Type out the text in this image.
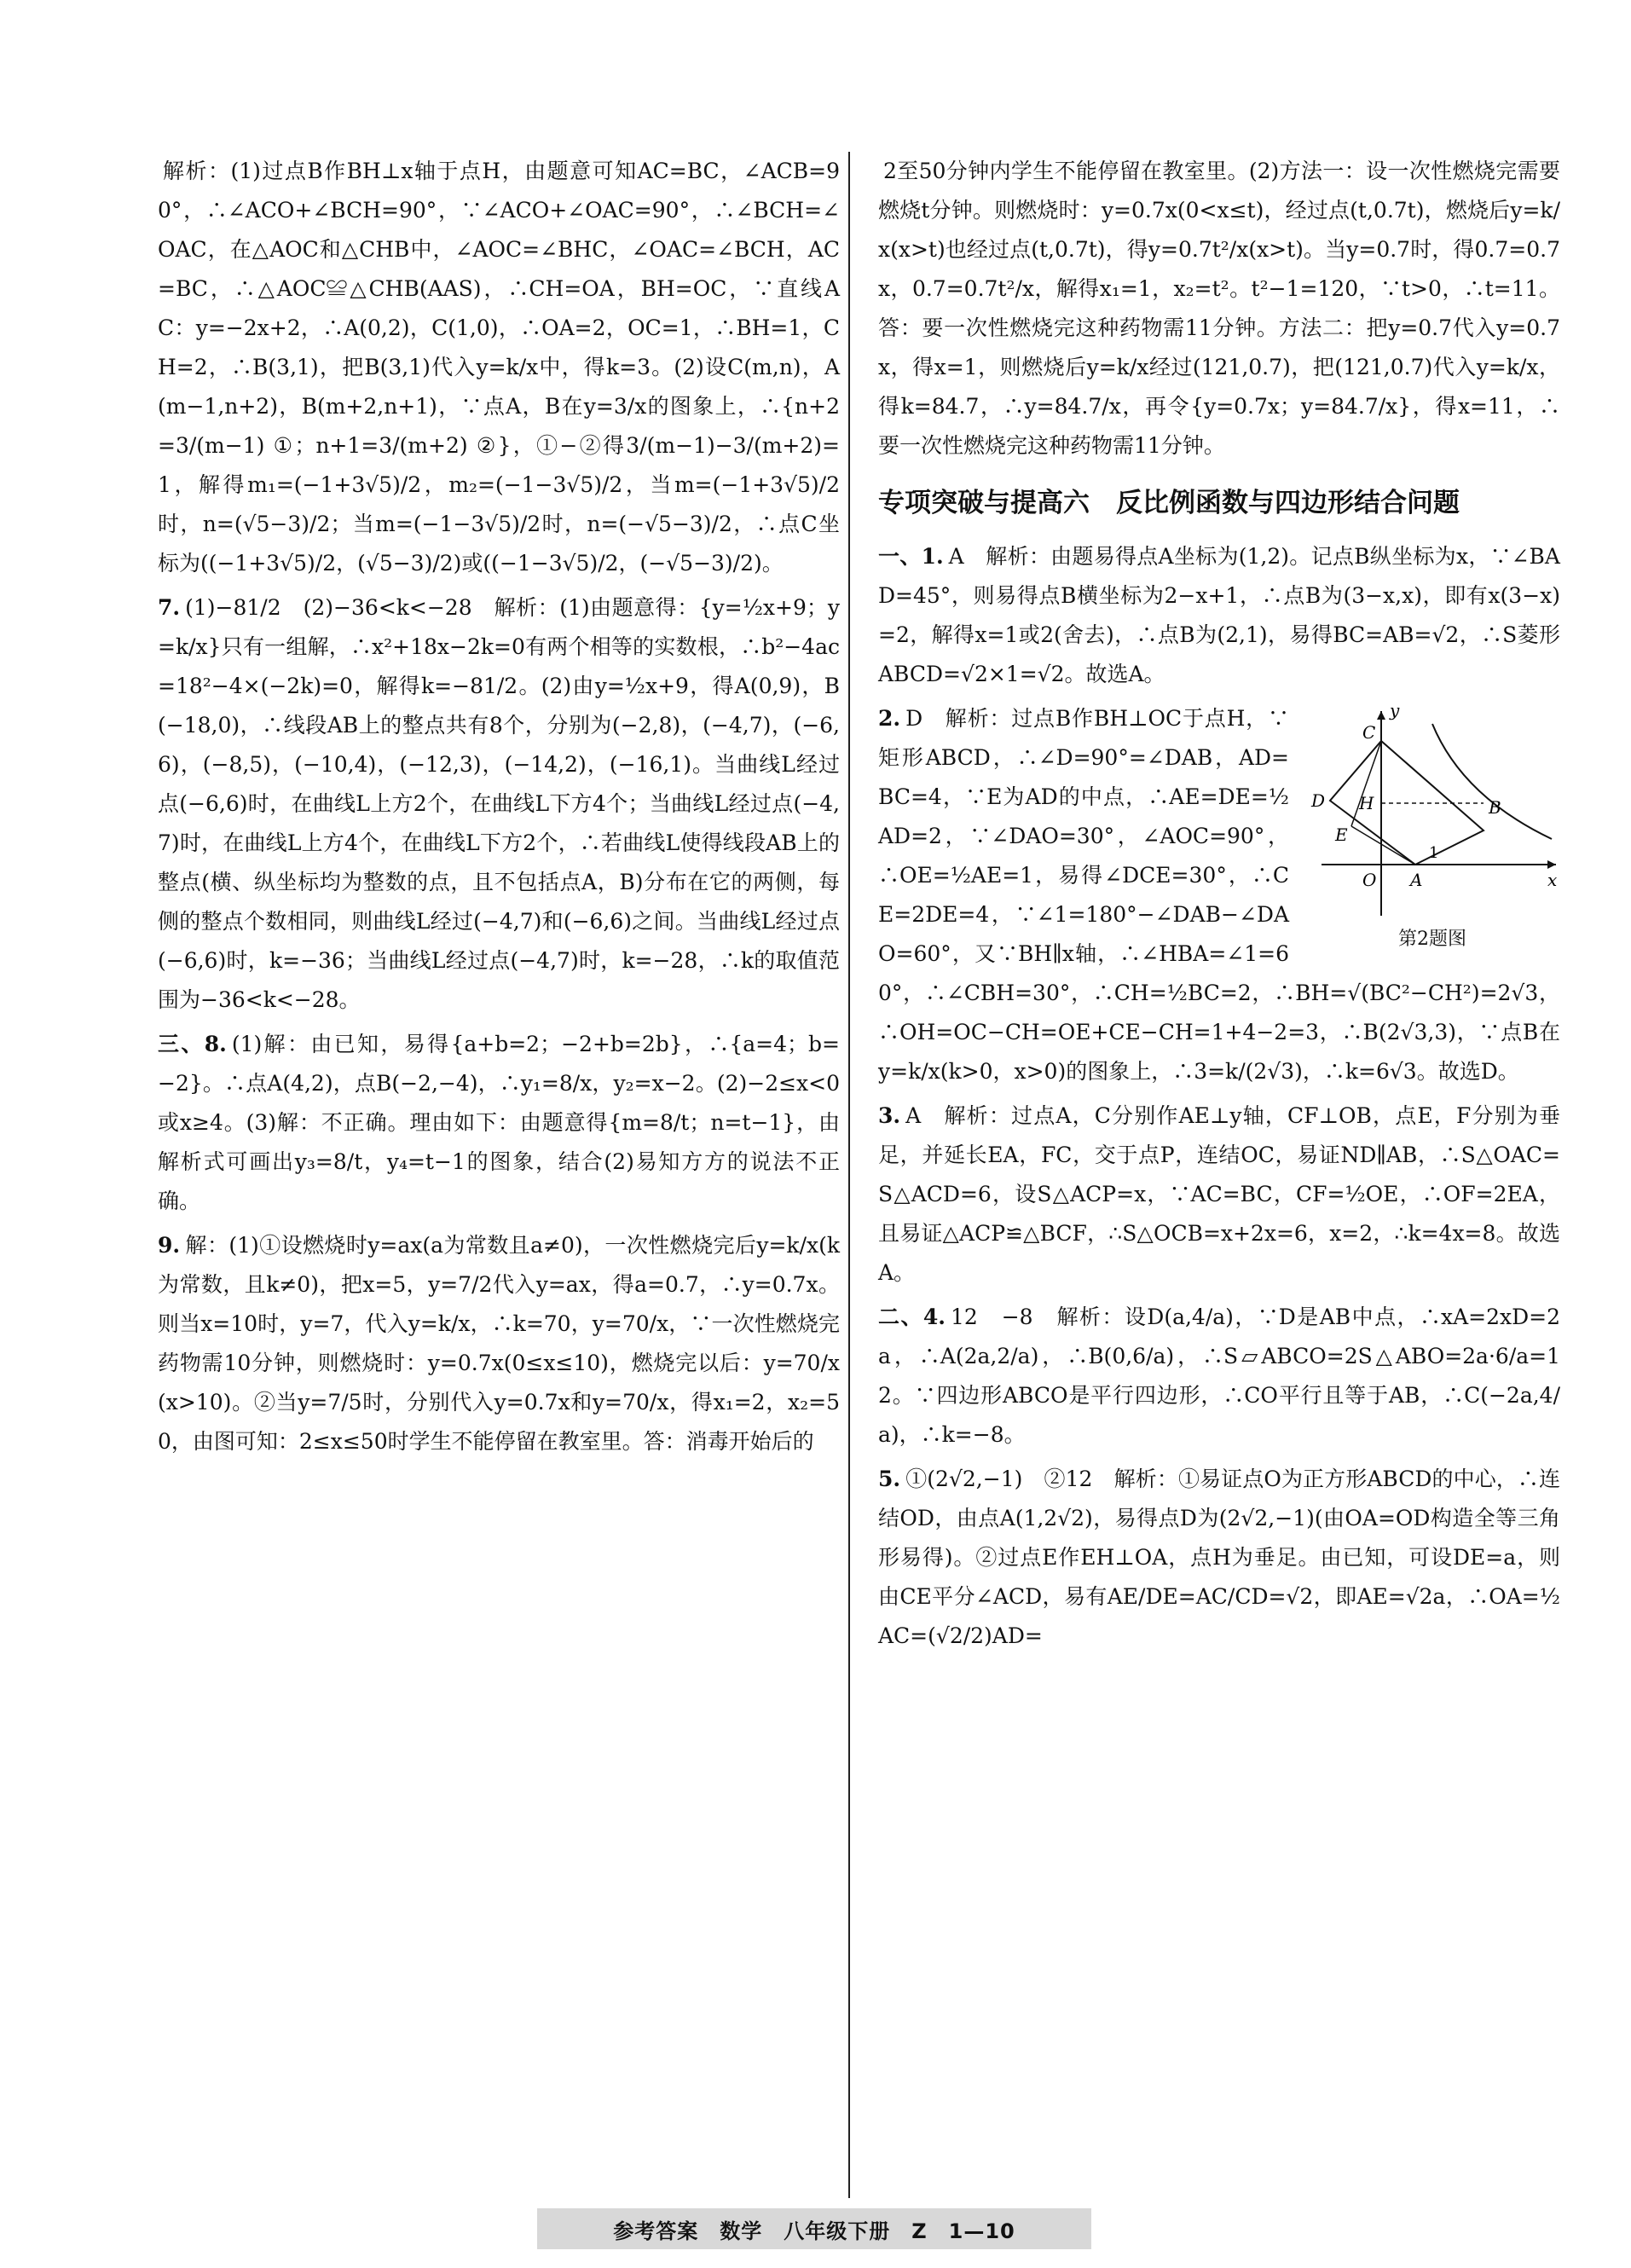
解析：(1)过点B作BH⊥x轴于点H，由题意可知AC=BC，∠ACB=90°，∴∠ACO+∠BCH=90°，∵∠ACO+∠OAC=90°，∴∠BCH=∠OAC，在△AOC和△CHB中，∠AOC=∠BHC，∠OAC=∠BCH，AC=BC，∴△AOC≌△CHB(AAS)，∴CH=OA，BH=OC，∵直线AC：y=−2x+2，∴A(0,2)，C(1,0)，∴OA=2，OC=1，∴BH=1，CH=2，∴B(3,1)，把B(3,1)代入y=k/x中，得k=3。(2)设C(m,n)，A(m−1,n+2)，B(m+2,n+1)，∵点A，B在y=3/x的图象上，∴{n+2=3/(m−1) ①；n+1=3/(m+2) ②}，①−②得3/(m−1)−3/(m+2)=1，解得m₁=(−1+3√5)/2，m₂=(−1−3√5)/2，当m=(−1+3√5)/2时，n=(√5−3)/2；当m=(−1−3√5)/2时，n=(−√5−3)/2，∴点C坐标为((−1+3√5)/2，(√5−3)/2)或((−1−3√5)/2，(−√5−3)/2)。

7. (1)−81/2　(2)−36<k<−28　解析：(1)由题意得：{y=½x+9；y=k/x}只有一组解，∴x²+18x−2k=0有两个相等的实数根，∴b²−4ac=18²−4×(−2k)=0，解得k=−81/2。(2)由y=½x+9，得A(0,9)，B(−18,0)，∴线段AB上的整点共有8个，分别为(−2,8)，(−4,7)，(−6,6)，(−8,5)，(−10,4)，(−12,3)，(−14,2)，(−16,1)。当曲线L经过点(−6,6)时，在曲线L上方2个，在曲线L下方4个；当曲线L经过点(−4,7)时，在曲线L上方4个，在曲线L下方2个，∴若曲线L使得线段AB上的整点(横、纵坐标均为整数的点，且不包括点A，B)分布在它的两侧，每侧的整点个数相同，则曲线L经过(−4,7)和(−6,6)之间。当曲线L经过点(−6,6)时，k=−36；当曲线L经过点(−4,7)时，k=−28，∴k的取值范围为−36<k<−28。

三、8. (1)解：由已知，易得{a+b=2；−2+b=2b}，∴{a=4；b=−2}。∴点A(4,2)，点B(−2,−4)，∴y₁=8/x，y₂=x−2。(2)−2≤x<0或x≥4。(3)解：不正确。理由如下：由题意得{m=8/t；n=t−1}，由解析式可画出y₃=8/t，y₄=t−1的图象，结合(2)易知方方的说法不正确。

9. 解：(1)①设燃烧时y=ax(a为常数且a≠0)，一次性燃烧完后y=k/x(k为常数，且k≠0)，把x=5，y=7/2代入y=ax，得a=0.7，∴y=0.7x。则当x=10时，y=7，代入y=k/x，∴k=70，y=70/x，∵一次性燃烧完药物需10分钟，则燃烧时：y=0.7x(0≤x≤10)，燃烧完以后：y=70/x(x>10)。②当y=7/5时，分别代入y=0.7x和y=70/x，得x₁=2，x₂=50，由图可知：2≤x≤50时学生不能停留在教室里。答：消毒开始后的

2至50分钟内学生不能停留在教室里。(2)方法一：设一次性燃烧完需要燃烧t分钟。则燃烧时：y=0.7x(0<x≤t)，经过点(t,0.7t)，燃烧后y=k/x(x>t)也经过点(t,0.7t)，得y=0.7t²/x(x>t)。当y=0.7时，得0.7=0.7x，0.7=0.7t²/x，解得x₁=1，x₂=t²。t²−1=120，∵t>0，∴t=11。答：要一次性燃烧完这种药物需11分钟。方法二：把y=0.7代入y=0.7x，得x=1，则燃烧后y=k/x经过(121,0.7)，把(121,0.7)代入y=k/x，得k=84.7，∴y=84.7/x，再令{y=0.7x；y=84.7/x}，得x=11，∴要一次性燃烧完这种药物需11分钟。

专项突破与提高六　反比例函数与四边形结合问题

一、1. A　解析：由题易得点A坐标为(1,2)。记点B纵坐标为x，∵∠BAD=45°，则易得点B横坐标为2−x+1，∴点B为(3−x,x)，即有x(3−x)=2，解得x=1或2(舍去)，∴点B为(2,1)，易得BC=AB=√2，∴S菱形ABCD=√2×1=√2。故选A。

y
x
C
D H	B
E
O A
1
第2题图

2. D　解析：过点B作BH⊥OC于点H，∵矩形ABCD，∴∠D=90°=∠DAB，AD=BC=4，∵E为AD的中点，∴AE=DE=½AD=2，∵∠DAO=30°，∠AOC=90°，∴OE=½AE=1，易得∠DCE=30°，∴CE=2DE=4，∵∠1=180°−∠DAB−∠DAO=60°，又∵BH∥x轴，∴∠HBA=∠1=60°，∴∠CBH=30°，∴CH=½BC=2，∴BH=√(BC²−CH²)=2√3，∴OH=OC−CH=OE+CE−CH=1+4−2=3，∴B(2√3,3)，∵点B在y=k/x(k>0，x>0)的图象上，∴3=k/(2√3)，∴k=6√3。故选D。

3. A　解析：过点A，C分别作AE⊥y轴，CF⊥OB，点E，F分别为垂足，并延长EA，FC，交于点P，连结OC，易证ND∥AB，∴S△OAC=S△ACD=6，设S△ACP=x，∵AC=BC，CF=½OE，∴OF=2EA，且易证△ACP≌△BCF，∴S△OCB=x+2x=6，x=2，∴k=4x=8。故选A。

二、4. 12　−8　解析：设D(a,4/a)，∵D是AB中点，∴xA=2xD=2a，∴A(2a,2/a)，∴B(0,6/a)，∴S▱ABCO=2S△ABO=2a·6/a=12。∵四边形ABCO是平行四边形，∴CO平行且等于AB，∴C(−2a,4/a)，∴k=−8。

5. ①(2√2,−1)　②12　解析：①易证点O为正方形ABCD的中心，∴连结OD，由点A(1,2√2)，易得点D为(2√2,−1)(由OA=OD构造全等三角形易得)。②过点E作EH⊥OA，点H为垂足。由已知，可设DE=a，则由CE平分∠ACD，易有AE/DE=AC/CD=√2，即AE=√2a，∴OA=½AC=(√2/2)AD=

参考答案　数学　八年级下册　Z　1—10
